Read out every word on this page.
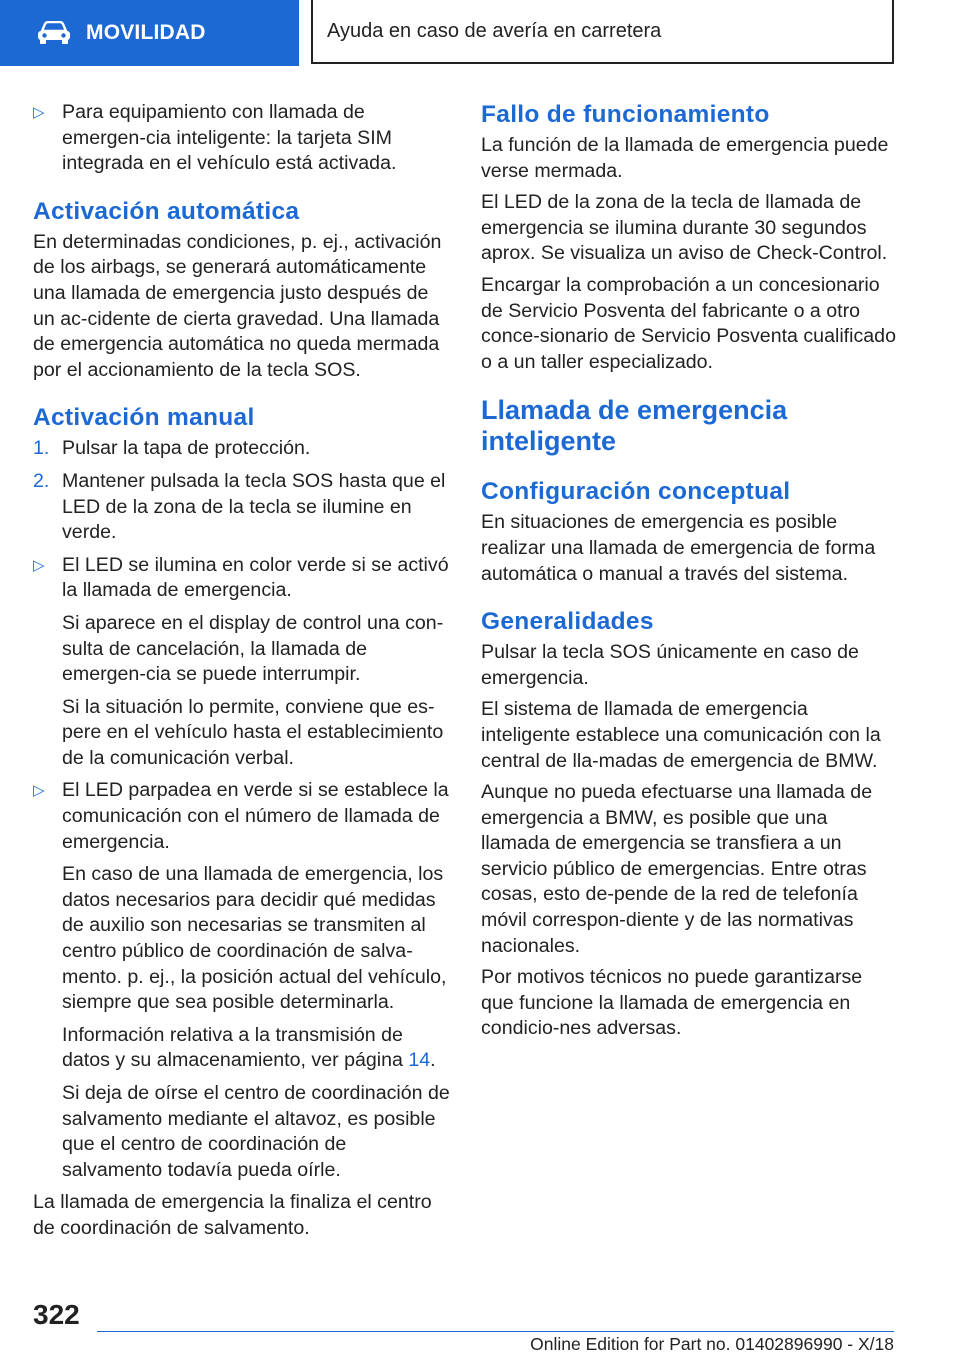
MOVILIDAD	Ayuda en caso de avería en carretera
▷ Para equipamiento con llamada de emergen‐cia inteligente: la tarjeta SIM integrada en el vehículo está activada.
Activación automática

En determinadas condiciones, p. ej., activación de los airbags, se generará automáticamente una llamada de emergencia justo después de un ac‐cidente de cierta gravedad. Una llamada de emergencia automática no queda mermada por el accionamiento de la tecla SOS.

Activación manual
1. Pulsar la tapa de protección.
2. Mantener pulsada la tecla SOS hasta que el LED de la zona de la tecla se ilumine en verde.
▷ El LED se ilumina en color verde si se activó la llamada de emergencia.

Si aparece en el display de control una con‐sulta de cancelación, la llamada de emergen‐cia se puede interrumpir.

Si la situación lo permite, conviene que es‐pere en el vehículo hasta el establecimiento de la comunicación verbal.

▷ El LED parpadea en verde si se establece la comunicación con el número de llamada de emergencia.

En caso de una llamada de emergencia, los datos necesarios para decidir qué medidas de auxilio son necesarias se transmiten al centro público de coordinación de salva‐mento. p. ej., la posición actual del vehículo, siempre que sea posible determinarla.

Información relativa a la transmisión de datos y su almacenamiento, ver página 14.

Si deja de oírse el centro de coordinación de salvamento mediante el altavoz, es posible que el centro de coordinación de salvamento todavía pueda oírle.

La llamada de emergencia la finaliza el centro de coordinación de salvamento.

Fallo de funcionamiento

La función de la llamada de emergencia puede verse mermada.

El LED de la zona de la tecla de llamada de emergencia se ilumina durante 30 segundos aprox. Se visualiza un aviso de Check-Control.

Encargar la comprobación a un concesionario de Servicio Posventa del fabricante o a otro conce‐sionario de Servicio Posventa cualificado o a un taller especializado.

Llamada de emergencia inteligente
Configuración conceptual

En situaciones de emergencia es posible realizar una llamada de emergencia de forma automática o manual a través del sistema.

Generalidades

Pulsar la tecla SOS únicamente en caso de emergencia.

El sistema de llamada de emergencia inteligente establece una comunicación con la central de lla‐madas de emergencia de BMW.

Aunque no pueda efectuarse una llamada de emergencia a BMW, es posible que una llamada de emergencia se transfiera a un servicio público de emergencias. Entre otras cosas, esto de‐pende de la red de telefonía móvil correspon‐diente y de las normativas nacionales.

Por motivos técnicos no puede garantizarse que funcione la llamada de emergencia en condicio‐nes adversas.

322
Online Edition for Part no. 01402896990 - X/18
